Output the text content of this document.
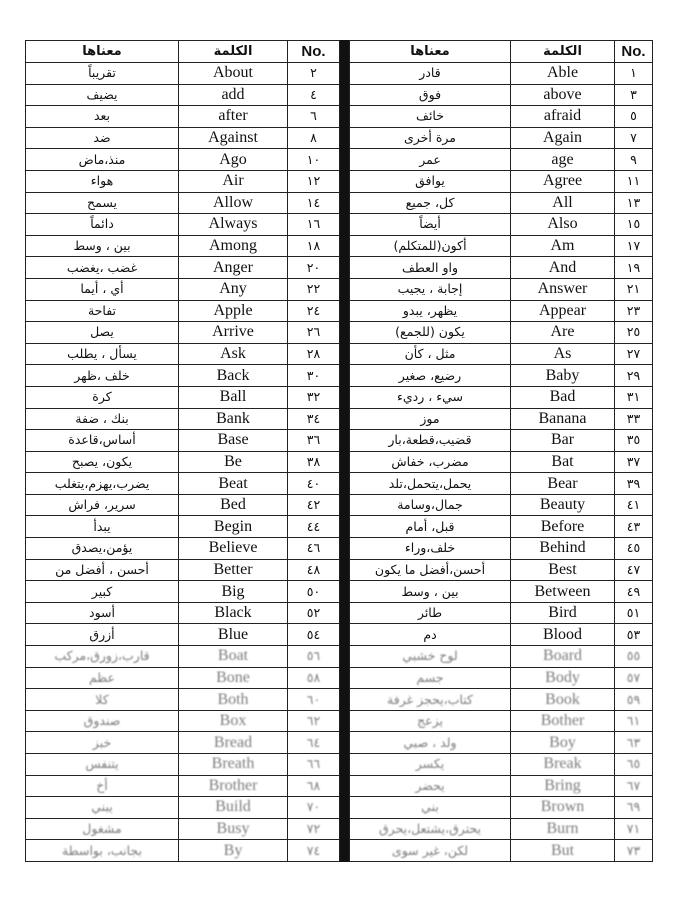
معناها	الكلمة	No.
تقريباً	About	٢
يضيف	add	٤
بعد	after	٦
ضد	Against	٨
منذ،ماض	Ago	١٠
هواء	Air	١٢
يسمح	Allow	١٤
دائماً	Always	١٦
بين ، وسط	Among	١٨
غضب ،يغضب	Anger	٢٠
أي ، أيما	Any	٢٢
تفاحة	Apple	٢٤
يصل	Arrive	٢٦
يسأل ، يطلب	Ask	٢٨
خلف ،ظهر	Back	٣٠
كرة	Ball	٣٢
بنك ، ضفة	Bank	٣٤
أساس،قاعدة	Base	٣٦
يكون، يصبح	Be	٣٨
يضرب،يهزم،يتغلب	Beat	٤٠
سرير، فراش	Bed	٤٢
يبدأ	Begin	٤٤
يؤمن،يصدق	Believe	٤٦
أحسن ، أفضل من	Better	٤٨
كبير	Big	٥٠
أسود	Black	٥٢
أزرق	Blue	٥٤
قارب،زورق،مركب	Boat	٥٦
عظم	Bone	٥٨
كلا	Both	٦٠
صندوق	Box	٦٢
خبز	Bread	٦٤
يتنفس	Breath	٦٦
أخ	Brother	٦٨
يبني	Build	٧٠
مشغول	Busy	٧٢
بجانب، بواسطة	By	٧٤
معناها	الكلمة	No.
قادر	Able	١
فوق	above	٣
خائف	afraid	٥
مرة أخرى	Again	٧
عمر	age	٩
يوافق	Agree	١١
كل، جميع	All	١٣
أيضاً	Also	١٥
أكون(للمتكلم)	Am	١٧
واو العطف	And	١٩
إجابة ، يجيب	Answer	٢١
يظهر، يبدو	Appear	٢٣
يكون (للجمع)	Are	٢٥
مثل ، كأن	As	٢٧
رضيع، صغير	Baby	٢٩
سيء ، رديء	Bad	٣١
موز	Banana	٣٣
قضيب،قطعة،بار	Bar	٣٥
مضرب، خفاش	Bat	٣٧
يحمل،يتحمل،تلد	Bear	٣٩
جمال،وسامة	Beauty	٤١
قبل، أمام	Before	٤٣
خلف،وراء	Behind	٤٥
أحسن،أفضل ما يكون	Best	٤٧
بين ، وسط	Between	٤٩
طائر	Bird	٥١
دم	Blood	٥٣
لوح خشبي	Board	٥٥
جسم	Body	٥٧
كتاب،يحجز غرفة	Book	٥٩
يزعج	Bother	٦١
ولد ، صبي	Boy	٦٣
يكسر	Break	٦٥
يحضر	Bring	٦٧
بني	Brown	٦٩
يحترق،يشتعل،يحرق	Burn	٧١
لكن، غير سوى	But	٧٣
